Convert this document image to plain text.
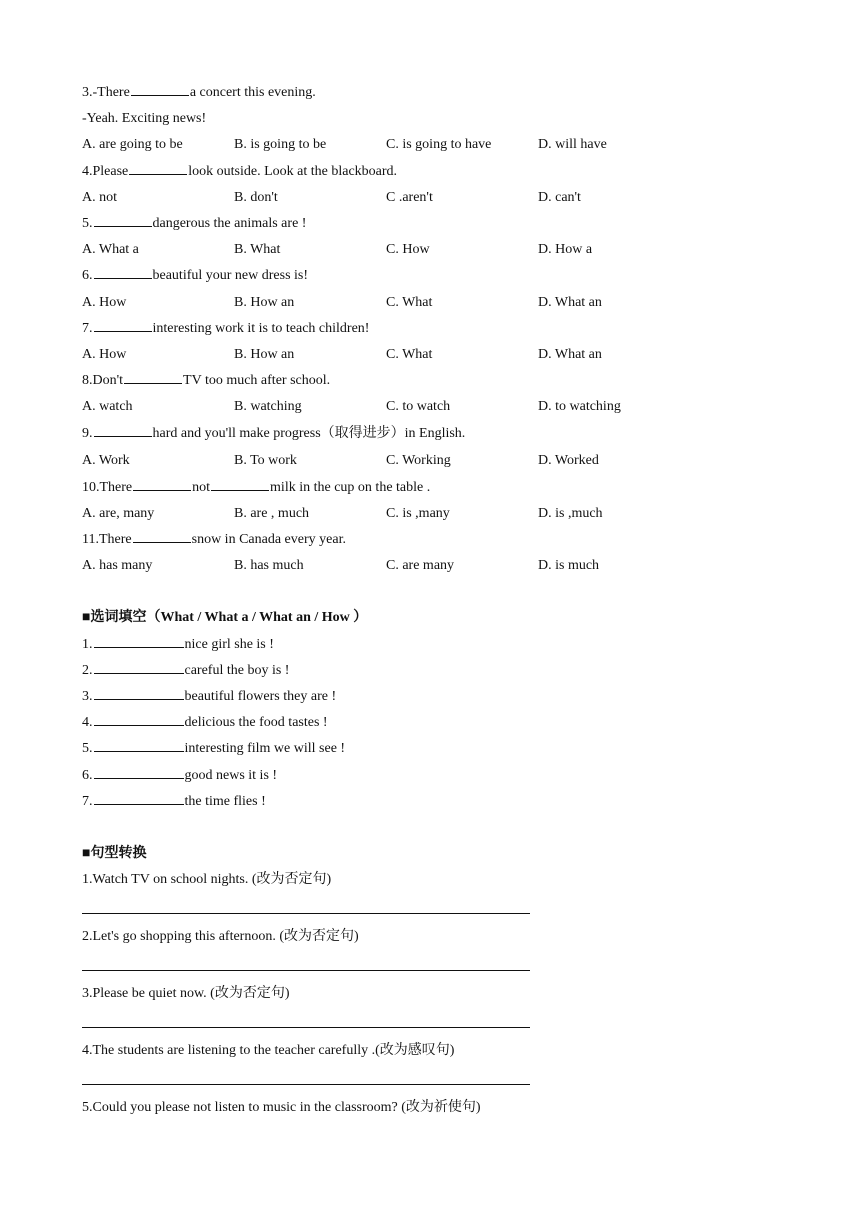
3.-There	a concert this evening.
-Yeah. Exciting news!
A. are going to be	B. is going to be	C. is going to have	D. will have
4.Please	look outside. Look at the blackboard.
A. not	B. don't	C .aren't	D. can't
5.	dangerous the animals are !
A. What a	B. What	C. How	D. How a
6.	beautiful your new dress is!
A. How	B. How an	C. What	D. What an
7.	interesting work it is to teach children!
A. How	B. How an	C. What	D. What an
8.Don't	TV too much after school.
A. watch	B. watching	C. to watch	D. to watching
9.	hard and you'll make progress（取得进步）in English.
A. Work	B. To work	C. Working	D. Worked
10.There	not	milk in the cup on the table .
A. are, many	B. are , much	C. is ,many	D. is ,much
11.There	snow in Canada every year.
A. has many	B. has much	C. are many	D. is much
■选词填空（What / What a / What an / How ）
1.	nice girl she is !
2.	careful the boy is !
3.	beautiful flowers they are !
4.	delicious the food tastes !
5.	interesting film we will see !
6.	good news it is !
7.	the time flies !
■句型转换
1.Watch TV on school nights. (改为否定句)
2.Let's go shopping this afternoon. (改为否定句)
3.Please be quiet now. (改为否定句)
4.The students are listening to the teacher carefully .(改为感叹句)
5.Could you please not listen to music in the classroom? (改为祈使句)
